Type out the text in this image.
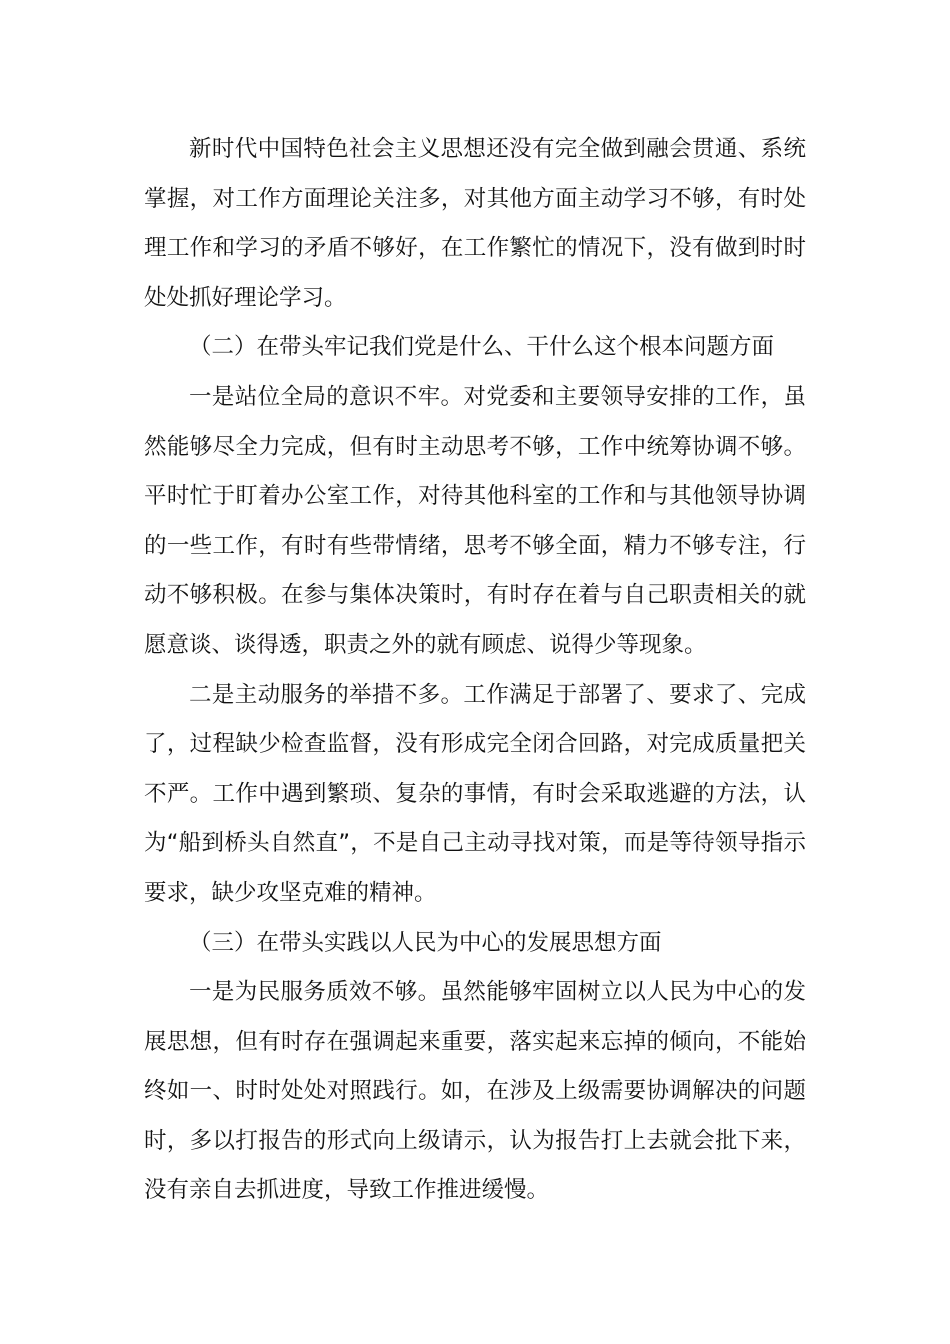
新时代中国特色社会主义思想还没有完全做到融会贯通、系统掌握，对工作方面理论关注多，对其他方面主动学习不够，有时处理工作和学习的矛盾不够好，在工作繁忙的情况下，没有做到时时处处抓好理论学习。

（二）在带头牢记我们党是什么、干什么这个根本问题方面

一是站位全局的意识不牢。对党委和主要领导安排的工作，虽然能够尽全力完成，但有时主动思考不够，工作中统筹协调不够。平时忙于盯着办公室工作，对待其他科室的工作和与其他领导协调的一些工作，有时有些带情绪，思考不够全面，精力不够专注，行动不够积极。在参与集体决策时，有时存在着与自己职责相关的就愿意谈、谈得透，职责之外的就有顾虑、说得少等现象。

二是主动服务的举措不多。工作满足于部署了、要求了、完成了，过程缺少检查监督，没有形成完全闭合回路，对完成质量把关不严。工作中遇到繁琐、复杂的事情，有时会采取逃避的方法，认为“船到桥头自然直”，不是自己主动寻找对策，而是等待领导指示要求，缺少攻坚克难的精神。

（三）在带头实践以人民为中心的发展思想方面

一是为民服务质效不够。虽然能够牢固树立以人民为中心的发展思想，但有时存在强调起来重要，落实起来忘掉的倾向，不能始终如一、时时处处对照践行。如，在涉及上级需要协调解决的问题时，多以打报告的形式向上级请示，认为报告打上去就会批下来，没有亲自去抓进度，导致工作推进缓慢。
